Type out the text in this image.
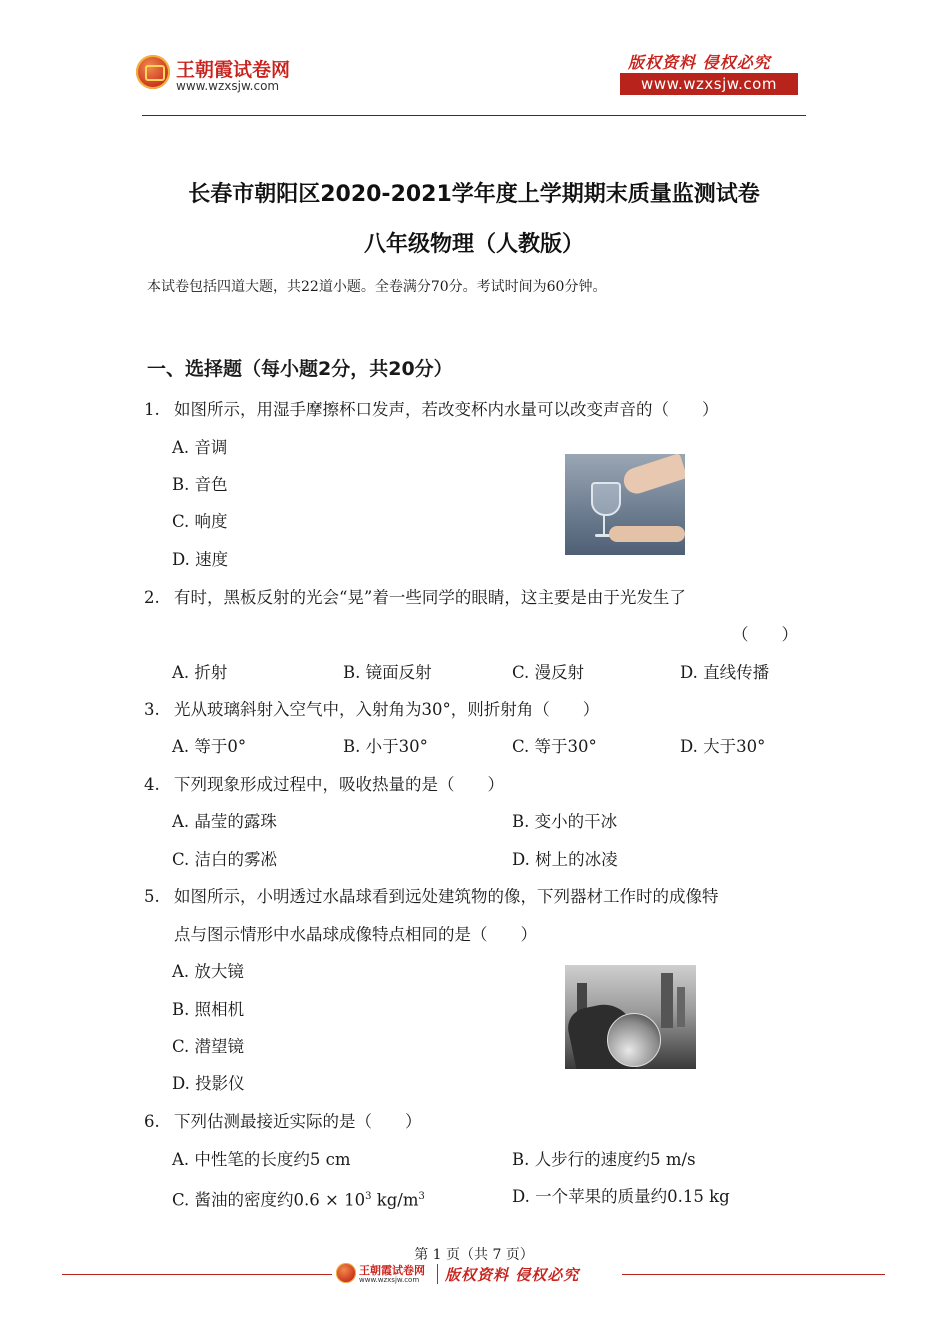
王朝霞试卷网
www.wzxsjw.com
版权资料 侵权必究
www.wzxsjw.com
长春市朝阳区2020-2021学年度上学期期末质量监测试卷
八年级物理（人教版）
本试卷包括四道大题，共22道小题。全卷满分70分。考试时间为60分钟。
一、选择题（每小题2分，共20分）
1. 如图所示，用湿手摩擦杯口发声，若改变杯内水量可以改变声音的（　　）
A. 音调
B. 音色
C. 响度
D. 速度
2. 有时，黑板反射的光会“晃”着一些同学的眼睛，这主要是由于光发生了
（　　）
A. 折射	B. 镜面反射	C. 漫反射	D. 直线传播
3. 光从玻璃斜射入空气中，入射角为30°，则折射角（　　）
A. 等于0°	B. 小于30°	C. 等于30°	D. 大于30°
4. 下列现象形成过程中，吸收热量的是（　　）
A. 晶莹的露珠	B. 变小的干冰
C. 洁白的雾凇	D. 树上的冰凌
5. 如图所示，小明透过水晶球看到远处建筑物的像，下列器材工作时的成像特
点与图示情形中水晶球成像特点相同的是（　　）
A. 放大镜
B. 照相机
C. 潜望镜
D. 投影仪
6. 下列估测最接近实际的是（　　）
A. 中性笔的长度约5 cm	B. 人步行的速度约5 m/s
C. 酱油的密度约$0.6 \times 10^3$ $kg/m^3$	D. 一个苹果的质量约0.15 kg
第 1 页（共 7 页）
王朝霞试卷网
www.wzxsjw.com 版权资料 侵权必究
